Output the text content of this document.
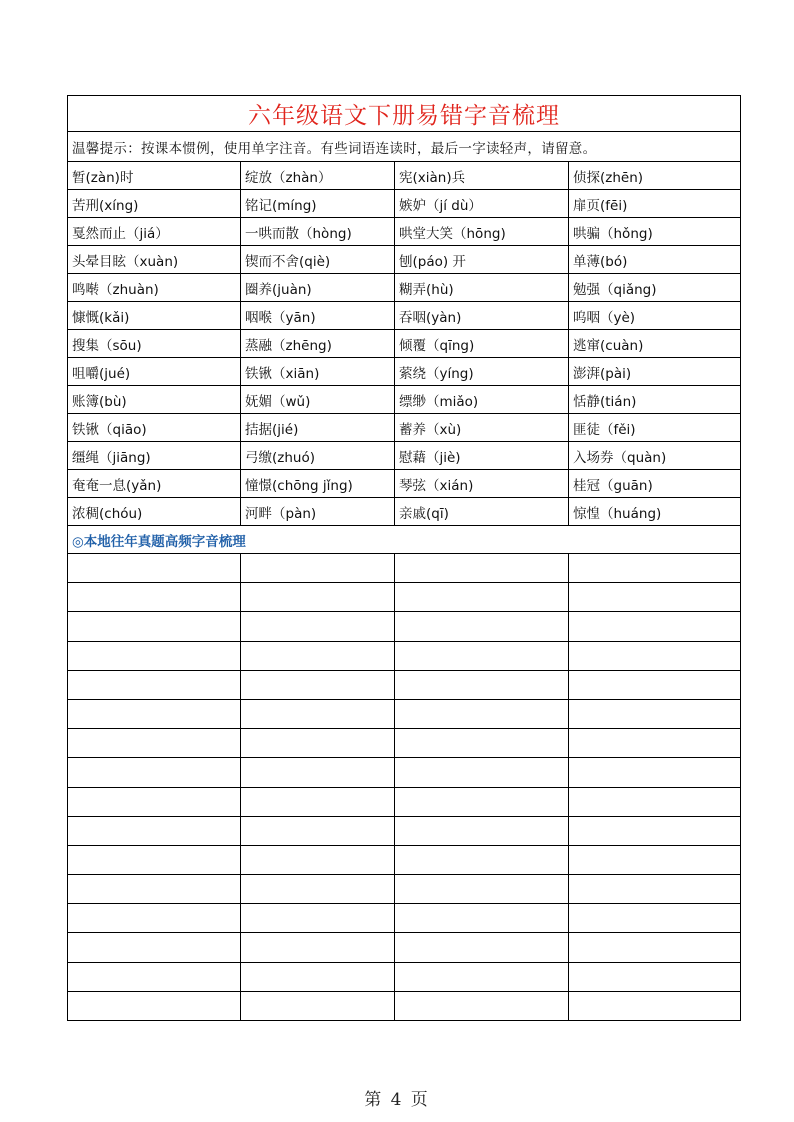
六年级语文下册易错字音梳理			
温馨提示：按课本惯例，使用单字注音。有些词语连读时，最后一字读轻声，请留意。			
暂(zàn)时	绽放（zhàn）	宪(xiàn)兵	侦探(zhēn)
苦刑(xíng)	铭记(míng)	嫉妒（jí dù）	扉页(fēi)
戛然而止（jiá）	一哄而散（hòng)	哄堂大笑（hōng)	哄骗（hǒng)
头晕目眩（xuàn)	锲而不舍(qiè)	刨(páo) 开	单薄(bó)
鸣啭（zhuàn)	圈养(juàn)	糊弄(hù)	勉强（qiǎng)
慷慨(kǎi)	咽喉（yān)	吞咽(yàn)	呜咽（yè)
搜集（sōu)	蒸融（zhēng)	倾覆（qīng)	逃窜(cuàn)
咀嚼(jué)	铁锹（xiān)	萦绕（yíng)	澎湃(pài)
账簿(bù)	妩媚（wǔ)	缥缈（miǎo)	恬静(tián)
铁锹（qiāo)	拮据(jié)	蓄养（xù)	匪徒（fěi)
缰绳（jiāng)	弓缴(zhuó)	慰藉（jiè)	入场券（quàn)
奄奄一息(yǎn)	憧憬(chōng jǐng)	琴弦（xián)	桂冠（guān)
浓稠(chóu)	河畔（pàn)	亲戚(qī)	惊惶（huáng)
◎本地往年真题高频字音梳理			

第 4 页
